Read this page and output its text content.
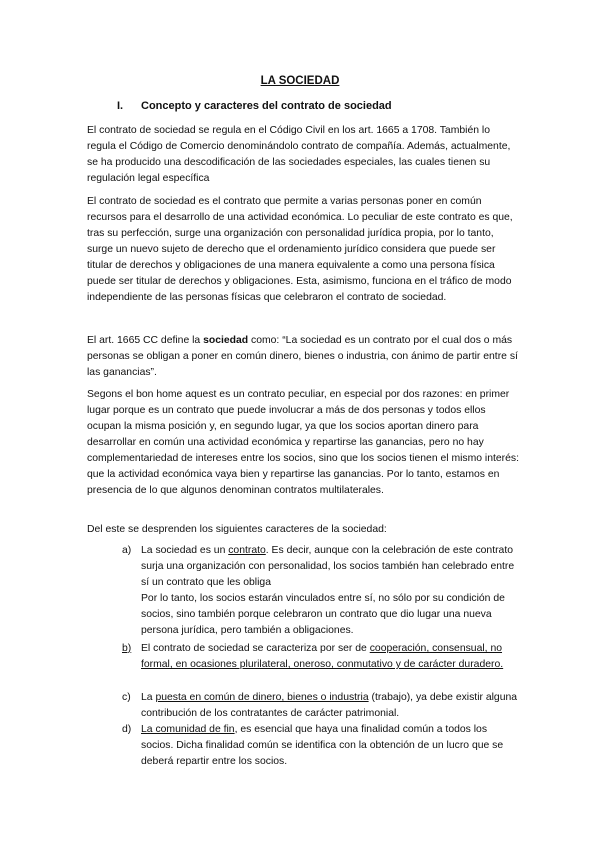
LA SOCIEDAD
I. Concepto y caracteres del contrato de sociedad

El contrato de sociedad se regula en el Código Civil en los art. 1665 a 1708. También lo regula el Código de Comercio denominándolo contrato de compañía. Además, actualmente, se ha producido una descodificación de las sociedades especiales, las cuales tienen su regulación legal específica

El contrato de sociedad es el contrato que permite a varias personas poner en común recursos para el desarrollo de una actividad económica. Lo peculiar de este contrato es que, tras su perfección, surge una organización con personalidad jurídica propia, por lo tanto, surge un nuevo sujeto de derecho que el ordenamiento jurídico considera que puede ser titular de derechos y obligaciones de una manera equivalente a como una persona física puede ser titular de derechos y obligaciones. Esta, asimismo, funciona en el tráfico de modo independiente de las personas físicas que celebraron el contrato de sociedad.

El art. 1665 CC define la sociedad como: “La sociedad es un contrato por el cual dos o más personas se obligan a poner en común dinero, bienes o industria, con ánimo de partir entre sí las ganancias”.

Segons el bon home aquest es un contrato peculiar, en especial por dos razones: en primer lugar porque es un contrato que puede involucrar a más de dos personas y todos ellos ocupan la misma posición y, en segundo lugar, ya que los socios aportan dinero para desarrollar en común una actividad económica y repartirse las ganancias, pero no hay complementariedad de intereses entre los socios, sino que los socios tienen el mismo interés: que la actividad económica vaya bien y repartirse las ganancias. Por lo tanto, estamos en presencia de lo que algunos denominan contratos multilaterales.

Del este se desprenden los siguientes caracteres de la sociedad:

a) La sociedad es un contrato. Es decir, aunque con la celebración de este contrato surja una organización con personalidad, los socios también han celebrado entre sí un contrato que les obliga
Por lo tanto, los socios estarán vinculados entre sí, no sólo por su condición de socios, sino también porque celebraron un contrato que dio lugar una nueva persona jurídica, pero también a obligaciones.
b) El contrato de sociedad se caracteriza por ser de cooperación, consensual, no formal, en ocasiones plurilateral, oneroso, conmutativo y de carácter duradero.
c) La puesta en común de dinero, bienes o industria (trabajo), ya debe existir alguna contribución de los contratantes de carácter patrimonial.
d) La comunidad de fin, es esencial que haya una finalidad común a todos los socios. Dicha finalidad común se identifica con la obtención de un lucro que se deberá repartir entre los socios.
